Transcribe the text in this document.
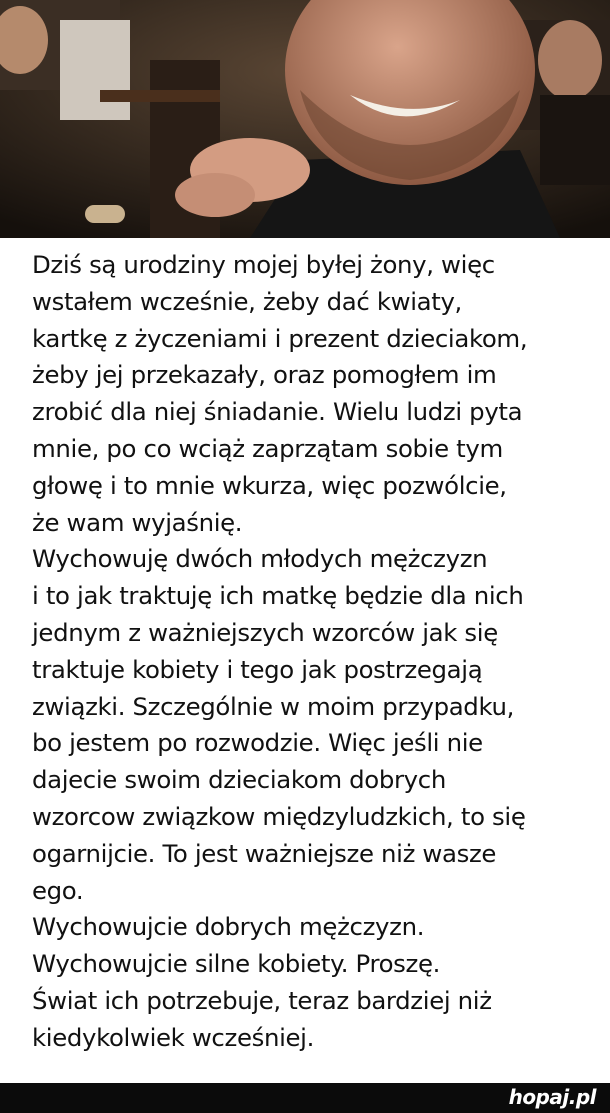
Dziś są urodziny mojej byłej żony, więc
wstałem wcześnie, żeby dać kwiaty,
kartkę z życzeniami i prezent dzieciakom,
żeby jej przekazały, oraz pomogłem im
zrobić dla niej śniadanie. Wielu ludzi pyta
mnie, po co wciąż zaprzątam sobie tym
głowę i to mnie wkurza, więc pozwólcie,
że wam wyjaśnię.
Wychowuję dwóch młodych mężczyzn
i to jak traktuję ich matkę będzie dla nich
jednym z ważniejszych wzorców jak się
traktuje kobiety i tego jak postrzegają
związki. Szczególnie w moim przypadku,
bo jestem po rozwodzie. Więc jeśli nie
dajecie swoim dzieciakom dobrych
wzorcow związkow międzyludzkich, to się
ogarnijcie. To jest ważniejsze niż wasze
ego.
Wychowujcie dobrych mężczyzn.
Wychowujcie silne kobiety. Proszę.
Świat ich potrzebuje, teraz bardziej niż
kiedykolwiek wcześniej.
hopaj.pl
